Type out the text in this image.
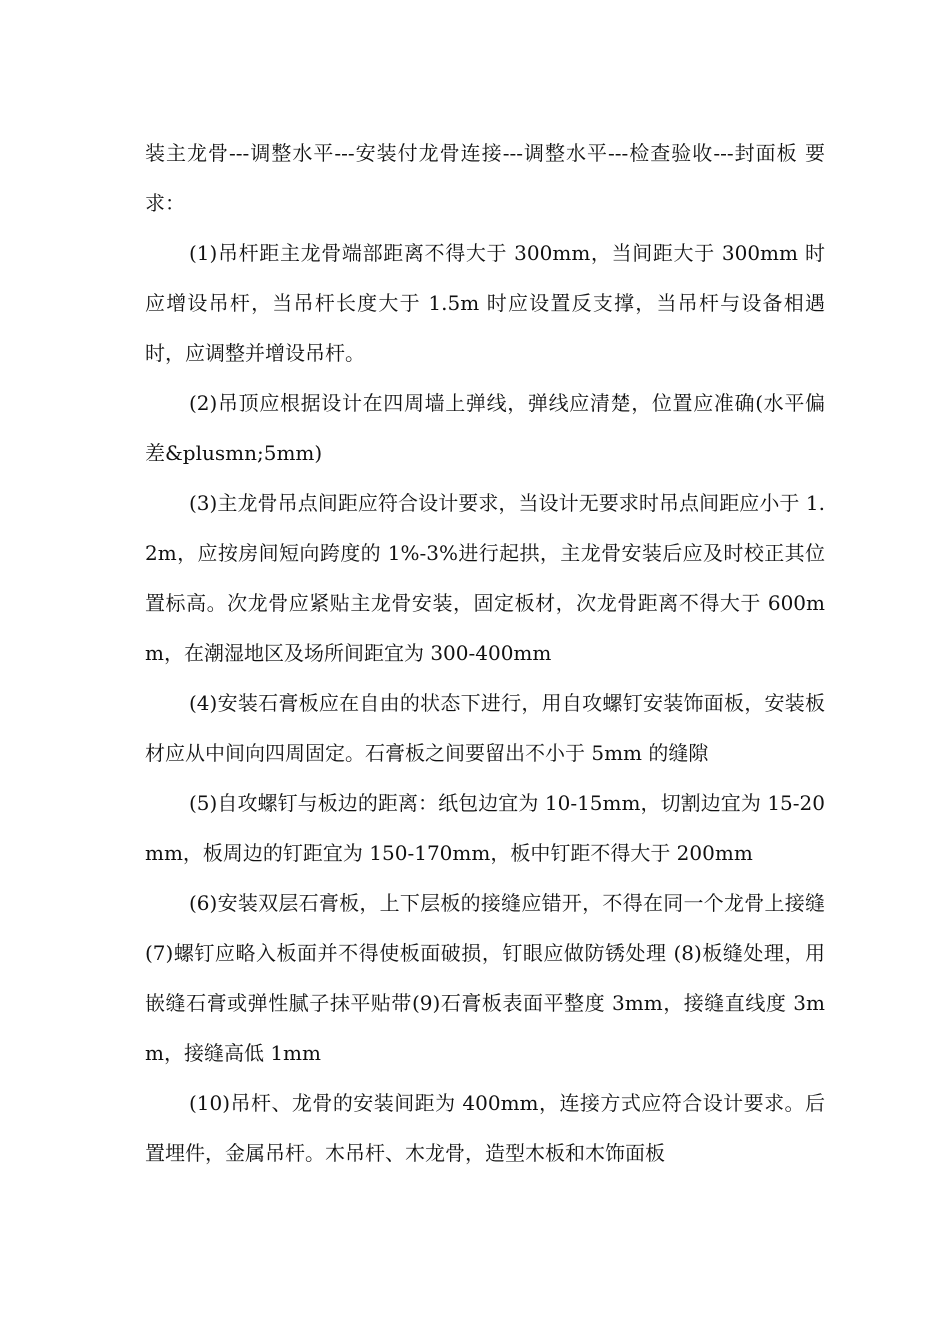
装主龙骨---调整水平---安装付龙骨连接---调整水平---检查验收---封面板 要求：

(1)吊杆距主龙骨端部距离不得大于 300mm，当间距大于 300mm 时应增设吊杆，当吊杆长度大于 1.5m 时应设置反支撑，当吊杆与设备相遇时，应调整并增设吊杆。

(2)吊顶应根据设计在四周墙上弹线，弹线应清楚，位置应准确(水平偏差&plusmn;5mm)

(3)主龙骨吊点间距应符合设计要求，当设计无要求时吊点间距应小于 1.2m，应按房间短向跨度的 1%-3%进行起拱，主龙骨安装后应及时校正其位置标高。次龙骨应紧贴主龙骨安装，固定板材，次龙骨距离不得大于 600mm，在潮湿地区及场所间距宜为 300-400mm

(4)安装石膏板应在自由的状态下进行，用自攻螺钉安装饰面板，安装板材应从中间向四周固定。石膏板之间要留出不小于 5mm 的缝隙

(5)自攻螺钉与板边的距离：纸包边宜为 10-15mm，切割边宜为 15-20mm，板周边的钉距宜为 150-170mm，板中钉距不得大于 200mm

(6)安装双层石膏板，上下层板的接缝应错开，不得在同一个龙骨上接缝 (7)螺钉应略入板面并不得使板面破损，钉眼应做防锈处理 (8)板缝处理，用嵌缝石膏或弹性腻子抹平贴带(9)石膏板表面平整度 3mm，接缝直线度 3mm，接缝高低 1mm

(10)吊杆、龙骨的安装间距为 400mm，连接方式应符合设计要求。后置埋件，金属吊杆。木吊杆、木龙骨，造型木板和木饰面板
